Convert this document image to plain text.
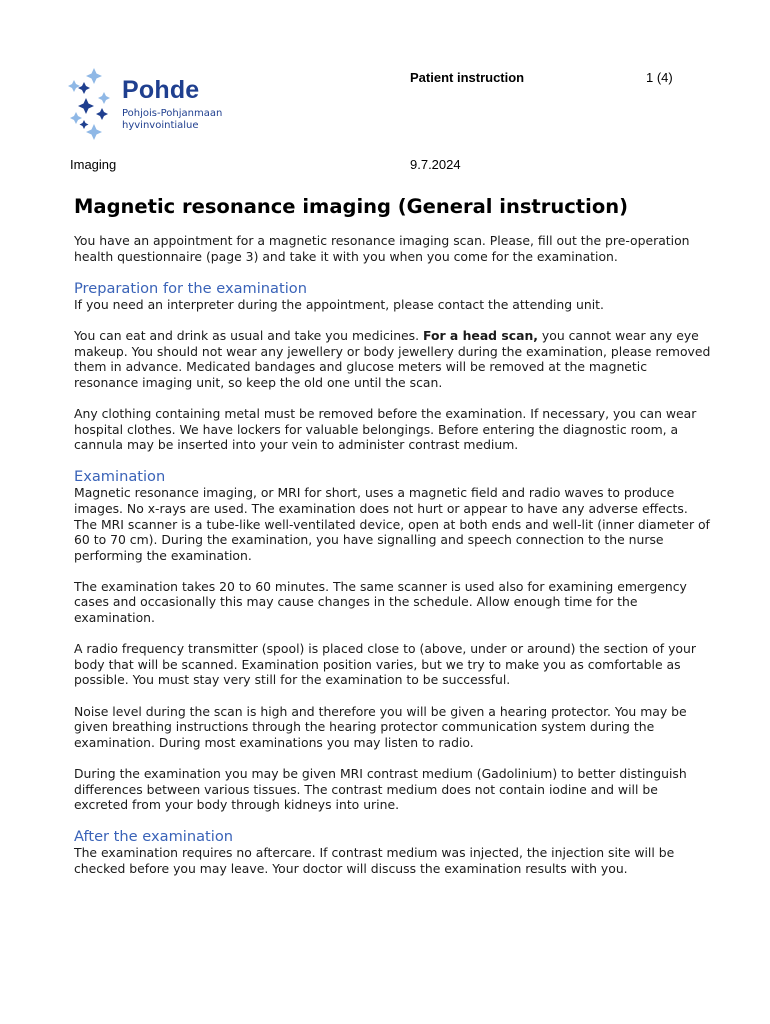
Pohde
Pohjois-Pohjanmaan
hyvinvointialue
Patient instruction	1 (4)
Imaging	9.7.2024
Magnetic resonance imaging (General instruction)

You have an appointment for a magnetic resonance imaging scan. Please, fill out the pre-operation health questionnaire (page 3) and take it with you when you come for the examination.

Preparation for the examination

If you need an interpreter during the appointment, please contact the attending unit.

You can eat and drink as usual and take you medicines. For a head scan, you cannot wear any eye makeup. You should not wear any jewellery or body jewellery during the examination, please removed them in advance. Medicated bandages and glucose meters will be removed at the magnetic resonance imaging unit, so keep the old one until the scan.

Any clothing containing metal must be removed before the examination. If necessary, you can wear hospital clothes. We have lockers for valuable belongings. Before entering the diagnostic room, a cannula may be inserted into your vein to administer contrast medium.

Examination

Magnetic resonance imaging, or MRI for short, uses a magnetic field and radio waves to produce images. No x-rays are used. The examination does not hurt or appear to have any adverse effects. The MRI scanner is a tube-like well-ventilated device, open at both ends and well-lit (inner diameter of 60 to 70 cm). During the examination, you have signalling and speech connection to the nurse performing the examination.

The examination takes 20 to 60 minutes. The same scanner is used also for examining emergency cases and occasionally this may cause changes in the schedule. Allow enough time for the examination.

A radio frequency transmitter (spool) is placed close to (above, under or around) the section of your body that will be scanned. Examination position varies, but we try to make you as comfortable as possible. You must stay very still for the examination to be successful.

Noise level during the scan is high and therefore you will be given a hearing protector. You may be given breathing instructions through the hearing protector communication system during the examination. During most examinations you may listen to radio.

During the examination you may be given MRI contrast medium (Gadolinium) to better distinguish differences between various tissues. The contrast medium does not contain iodine and will be excreted from your body through kidneys into urine.

After the examination

The examination requires no aftercare. If contrast medium was injected, the injection site will be checked before you may leave. Your doctor will discuss the examination results with you.
